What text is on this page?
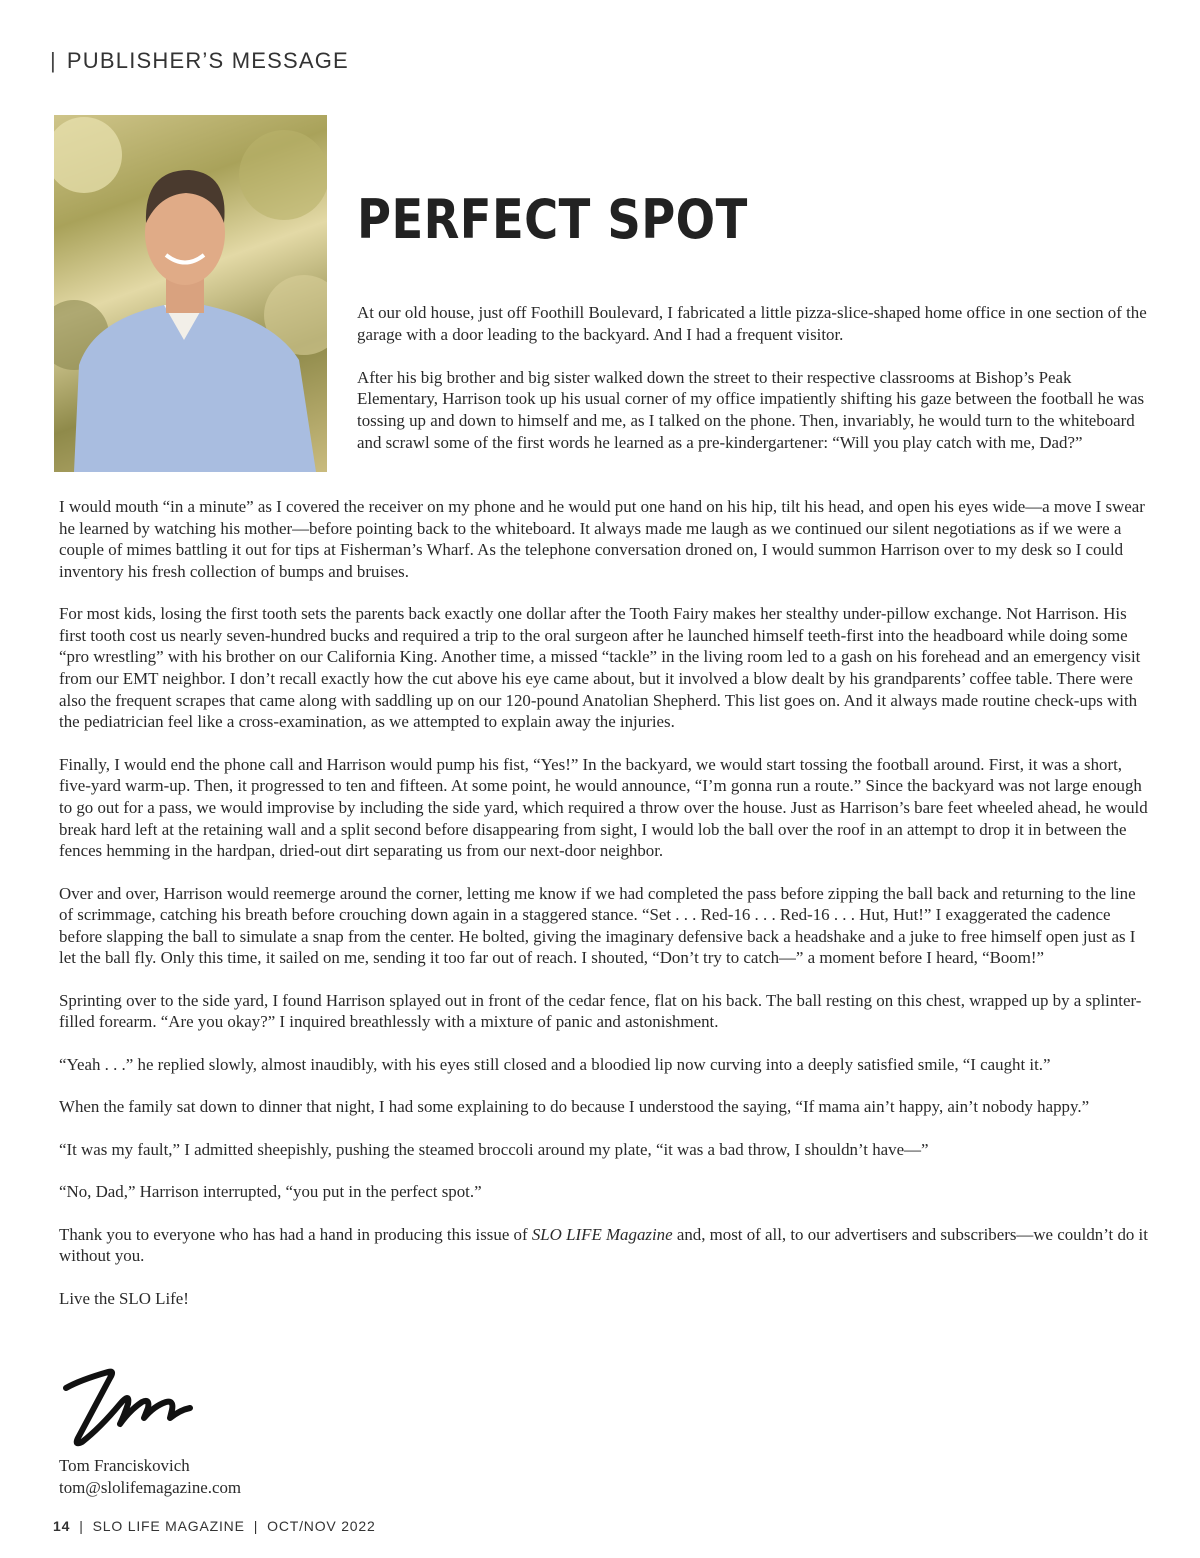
| PUBLISHER’S MESSAGE
PERFECT SPOT

At our old house, just off Foothill Boulevard, I fabricated a little pizza-slice-shaped home office in one section of the garage with a door leading to the backyard. And I had a frequent visitor.

After his big brother and big sister walked down the street to their respective classrooms at Bishop’s Peak Elementary, Harrison took up his usual corner of my office impatiently shifting his gaze between the football he was tossing up and down to himself and me, as I talked on the phone. Then, invariably, he would turn to the whiteboard and scrawl some of the first words he learned as a pre-kindergartener: “Will you play catch with me, Dad?”

I would mouth “in a minute” as I covered the receiver on my phone and he would put one hand on his hip, tilt his head, and open his eyes wide—a move I swear he learned by watching his mother—before pointing back to the whiteboard. It always made me laugh as we continued our silent negotiations as if we were a couple of mimes battling it out for tips at Fisherman’s Wharf. As the telephone conversation droned on, I would summon Harrison over to my desk so I could inventory his fresh collection of bumps and bruises.

For most kids, losing the first tooth sets the parents back exactly one dollar after the Tooth Fairy makes her stealthy under-pillow exchange. Not Harrison. His first tooth cost us nearly seven-hundred bucks and required a trip to the oral surgeon after he launched himself teeth-first into the headboard while doing some “pro wrestling” with his brother on our California King. Another time, a missed “tackle” in the living room led to a gash on his forehead and an emergency visit from our EMT neighbor. I don’t recall exactly how the cut above his eye came about, but it involved a blow dealt by his grandparents’ coffee table. There were also the frequent scrapes that came along with saddling up on our 120-pound Anatolian Shepherd. This list goes on. And it always made routine check-ups with the pediatrician feel like a cross-examination, as we attempted to explain away the injuries.

Finally, I would end the phone call and Harrison would pump his fist, “Yes!” In the backyard, we would start tossing the football around. First, it was a short, five-yard warm-up. Then, it progressed to ten and fifteen. At some point, he would announce, “I’m gonna run a route.” Since the backyard was not large enough to go out for a pass, we would improvise by including the side yard, which required a throw over the house. Just as Harrison’s bare feet wheeled ahead, he would break hard left at the retaining wall and a split second before disappearing from sight, I would lob the ball over the roof in an attempt to drop it in between the fences hemming in the hardpan, dried-out dirt separating us from our next-door neighbor.

Over and over, Harrison would reemerge around the corner, letting me know if we had completed the pass before zipping the ball back and returning to the line of scrimmage, catching his breath before crouching down again in a staggered stance. “Set . . . Red-16 . . . Red-16 . . . Hut, Hut!” I exaggerated the cadence before slapping the ball to simulate a snap from the center. He bolted, giving the imaginary defensive back a headshake and a juke to free himself open just as I let the ball fly. Only this time, it sailed on me, sending it too far out of reach. I shouted, “Don’t try to catch—” a moment before I heard, “Boom!”

Sprinting over to the side yard, I found Harrison splayed out in front of the cedar fence, flat on his back. The ball resting on this chest, wrapped up by a splinter-filled forearm. “Are you okay?” I inquired breathlessly with a mixture of panic and astonishment.

“Yeah . . .” he replied slowly, almost inaudibly, with his eyes still closed and a bloodied lip now curving into a deeply satisfied smile, “I caught it.”

When the family sat down to dinner that night, I had some explaining to do because I understood the saying, “If mama ain’t happy, ain’t nobody happy.”

“It was my fault,” I admitted sheepishly, pushing the steamed broccoli around my plate, “it was a bad throw, I shouldn’t have—”

“No, Dad,” Harrison interrupted, “you put in the perfect spot.”

Thank you to everyone who has had a hand in producing this issue of SLO LIFE Magazine and, most of all, to our advertisers and subscribers—we couldn’t do it without you.

Live the SLO Life!

Tom Franciskovich
tom@slolifemagazine.com
14 | SLO LIFE MAGAZINE | OCT/NOV 2022
